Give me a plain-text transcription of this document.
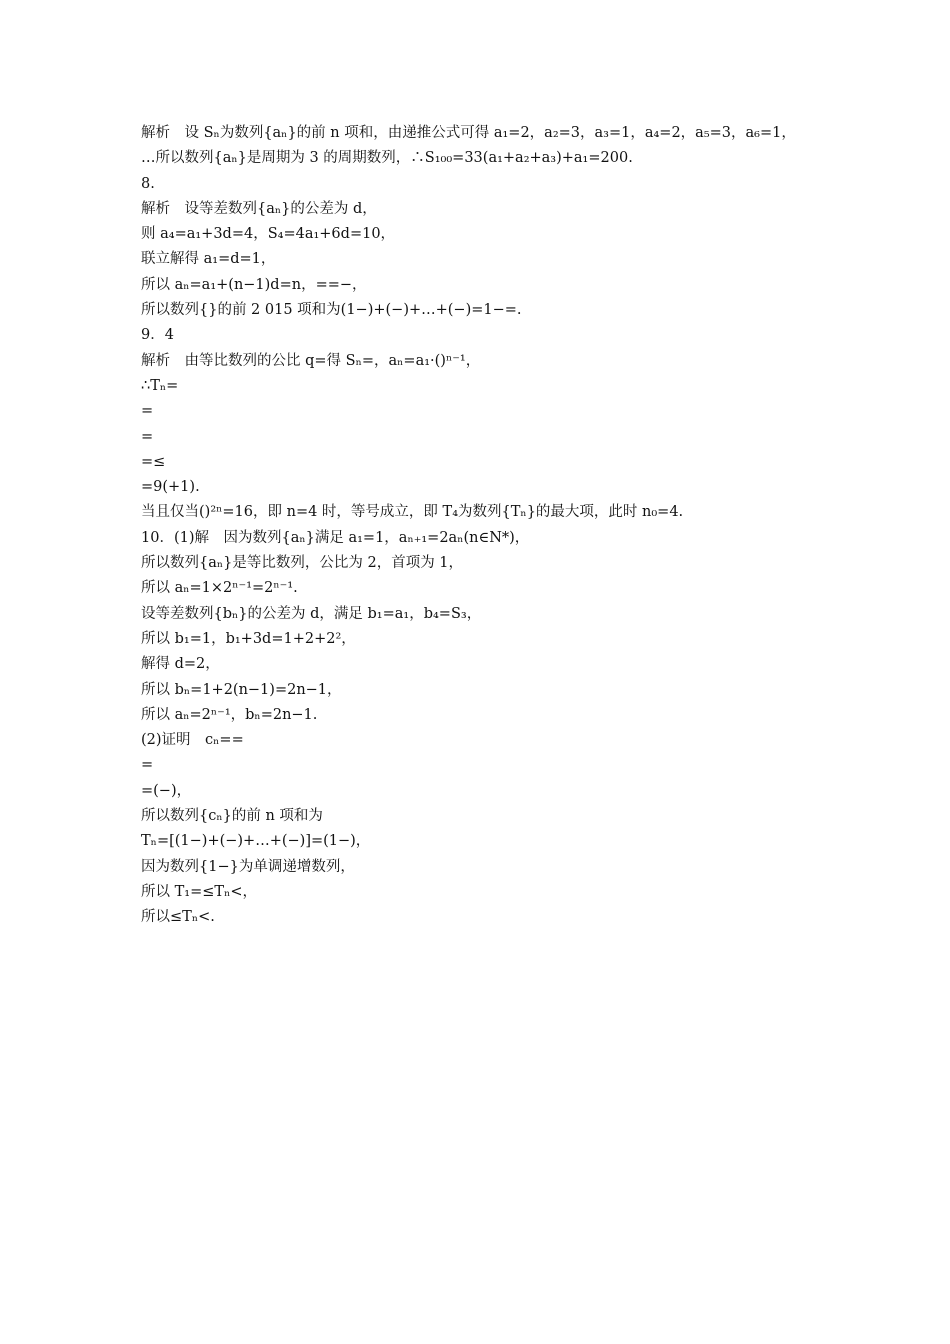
解析　设 Sₙ为数列{aₙ}的前 n 项和，由递推公式可得 a₁=2，a₂=3，a₃=1，a₄=2，a₅=3，a₆=1，
…所以数列{aₙ}是周期为 3 的周期数列，∴S₁₀₀=33(a₁+a₂+a₃)+a₁=200.
8.
解析　设等差数列{aₙ}的公差为 d，
则 a₄=a₁+3d=4，S₄=4a₁+6d=10，
联立解得 a₁=d=1，
所以 aₙ=a₁+(n−1)d=n，==−，
所以数列{}的前 2 015 项和为(1−)+(−)+…+(−)=1−=.
9．4
解析　由等比数列的公比 q=得 Sₙ=，aₙ=a₁·()ⁿ⁻¹，
∴Tₙ=
=
=
=≤
=9(+1).
当且仅当()²ⁿ=16，即 n=4 时，等号成立，即 T₄为数列{Tₙ}的最大项，此时 n₀=4.
10．(1)解　因为数列{aₙ}满足 a₁=1，aₙ₊₁=2aₙ(n∈N*)，
所以数列{aₙ}是等比数列，公比为 2，首项为 1，
所以 aₙ=1×2ⁿ⁻¹=2ⁿ⁻¹.
设等差数列{bₙ}的公差为 d，满足 b₁=a₁，b₄=S₃，
所以 b₁=1，b₁+3d=1+2+2²，
解得 d=2，
所以 bₙ=1+2(n−1)=2n−1，
所以 aₙ=2ⁿ⁻¹，bₙ=2n−1.
(2)证明　cₙ==
=
=(−)，
所以数列{cₙ}的前 n 项和为
Tₙ=[(1−)+(−)+…+(−)]=(1−)，
因为数列{1−}为单调递增数列，
所以 T₁=≤Tₙ<，
所以≤Tₙ<.
